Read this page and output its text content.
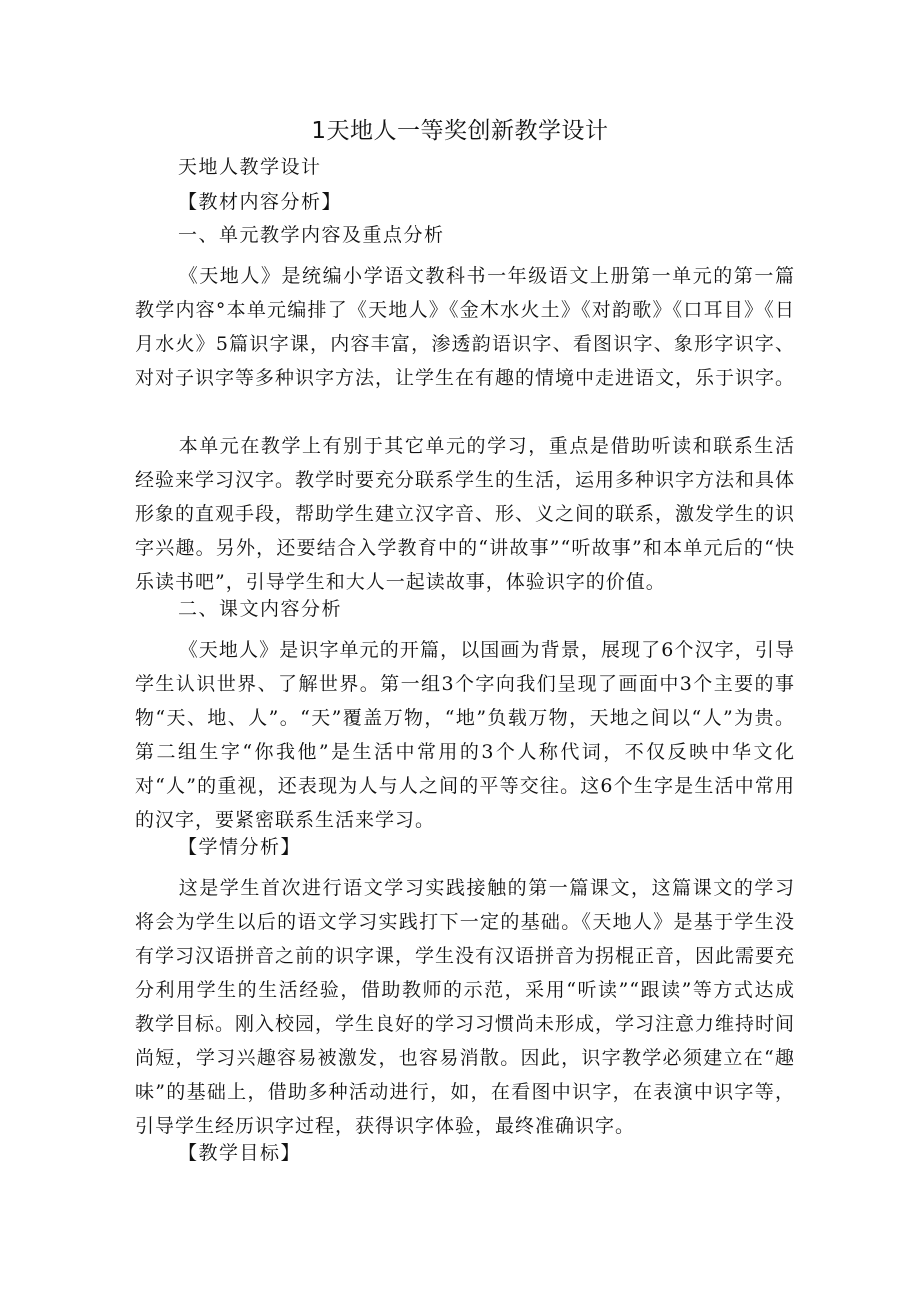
1天地人一等奖创新教学设计
天地人教学设计
【教材内容分析】
一、单元教学内容及重点分析

《天地人》是统编小学语文教科书一年级语文上册第一单元的第一篇教学内容°本单元编排了《天地人》《金木水火土》《对韵歌》《口耳目》《日月水火》5篇识字课，内容丰富，渗透韵语识字、看图识字、象形字识字、对对子识字等多种识字方法，让学生在有趣的情境中走进语文，乐于识字。

本单元在教学上有别于其它单元的学习，重点是借助听读和联系生活经验来学习汉字。教学时要充分联系学生的生活，运用多种识字方法和具体形象的直观手段，帮助学生建立汉字音、形、义之间的联系，激发学生的识字兴趣。另外，还要结合入学教育中的“讲故事”“听故事”和本单元后的“快乐读书吧”，引导学生和大人一起读故事，体验识字的价值。

二、课文内容分析

《天地人》是识字单元的开篇，以国画为背景，展现了6个汉字，引导学生认识世界、了解世界。第一组3个字向我们呈现了画面中3个主要的事物“天、地、人”。“天”覆盖万物，“地”负载万物，天地之间以“人”为贵。第二组生字“你我他”是生活中常用的3个人称代词，不仅反映中华文化对“人”的重视，还表现为人与人之间的平等交往。这6个生字是生活中常用的汉字，要紧密联系生活来学习。

【学情分析】

这是学生首次进行语文学习实践接触的第一篇课文，这篇课文的学习将会为学生以后的语文学习实践打下一定的基础。《天地人》是基于学生没有学习汉语拼音之前的识字课，学生没有汉语拼音为拐棍正音，因此需要充分利用学生的生活经验，借助教师的示范，采用“听读”“跟读”等方式达成教学目标。刚入校园，学生良好的学习习惯尚未形成，学习注意力维持时间尚短，学习兴趣容易被激发，也容易消散。因此，识字教学必须建立在“趣味”的基础上，借助多种活动进行，如，在看图中识字，在表演中识字等，引导学生经历识字过程，获得识字体验，最终准确识字。

【教学目标】
